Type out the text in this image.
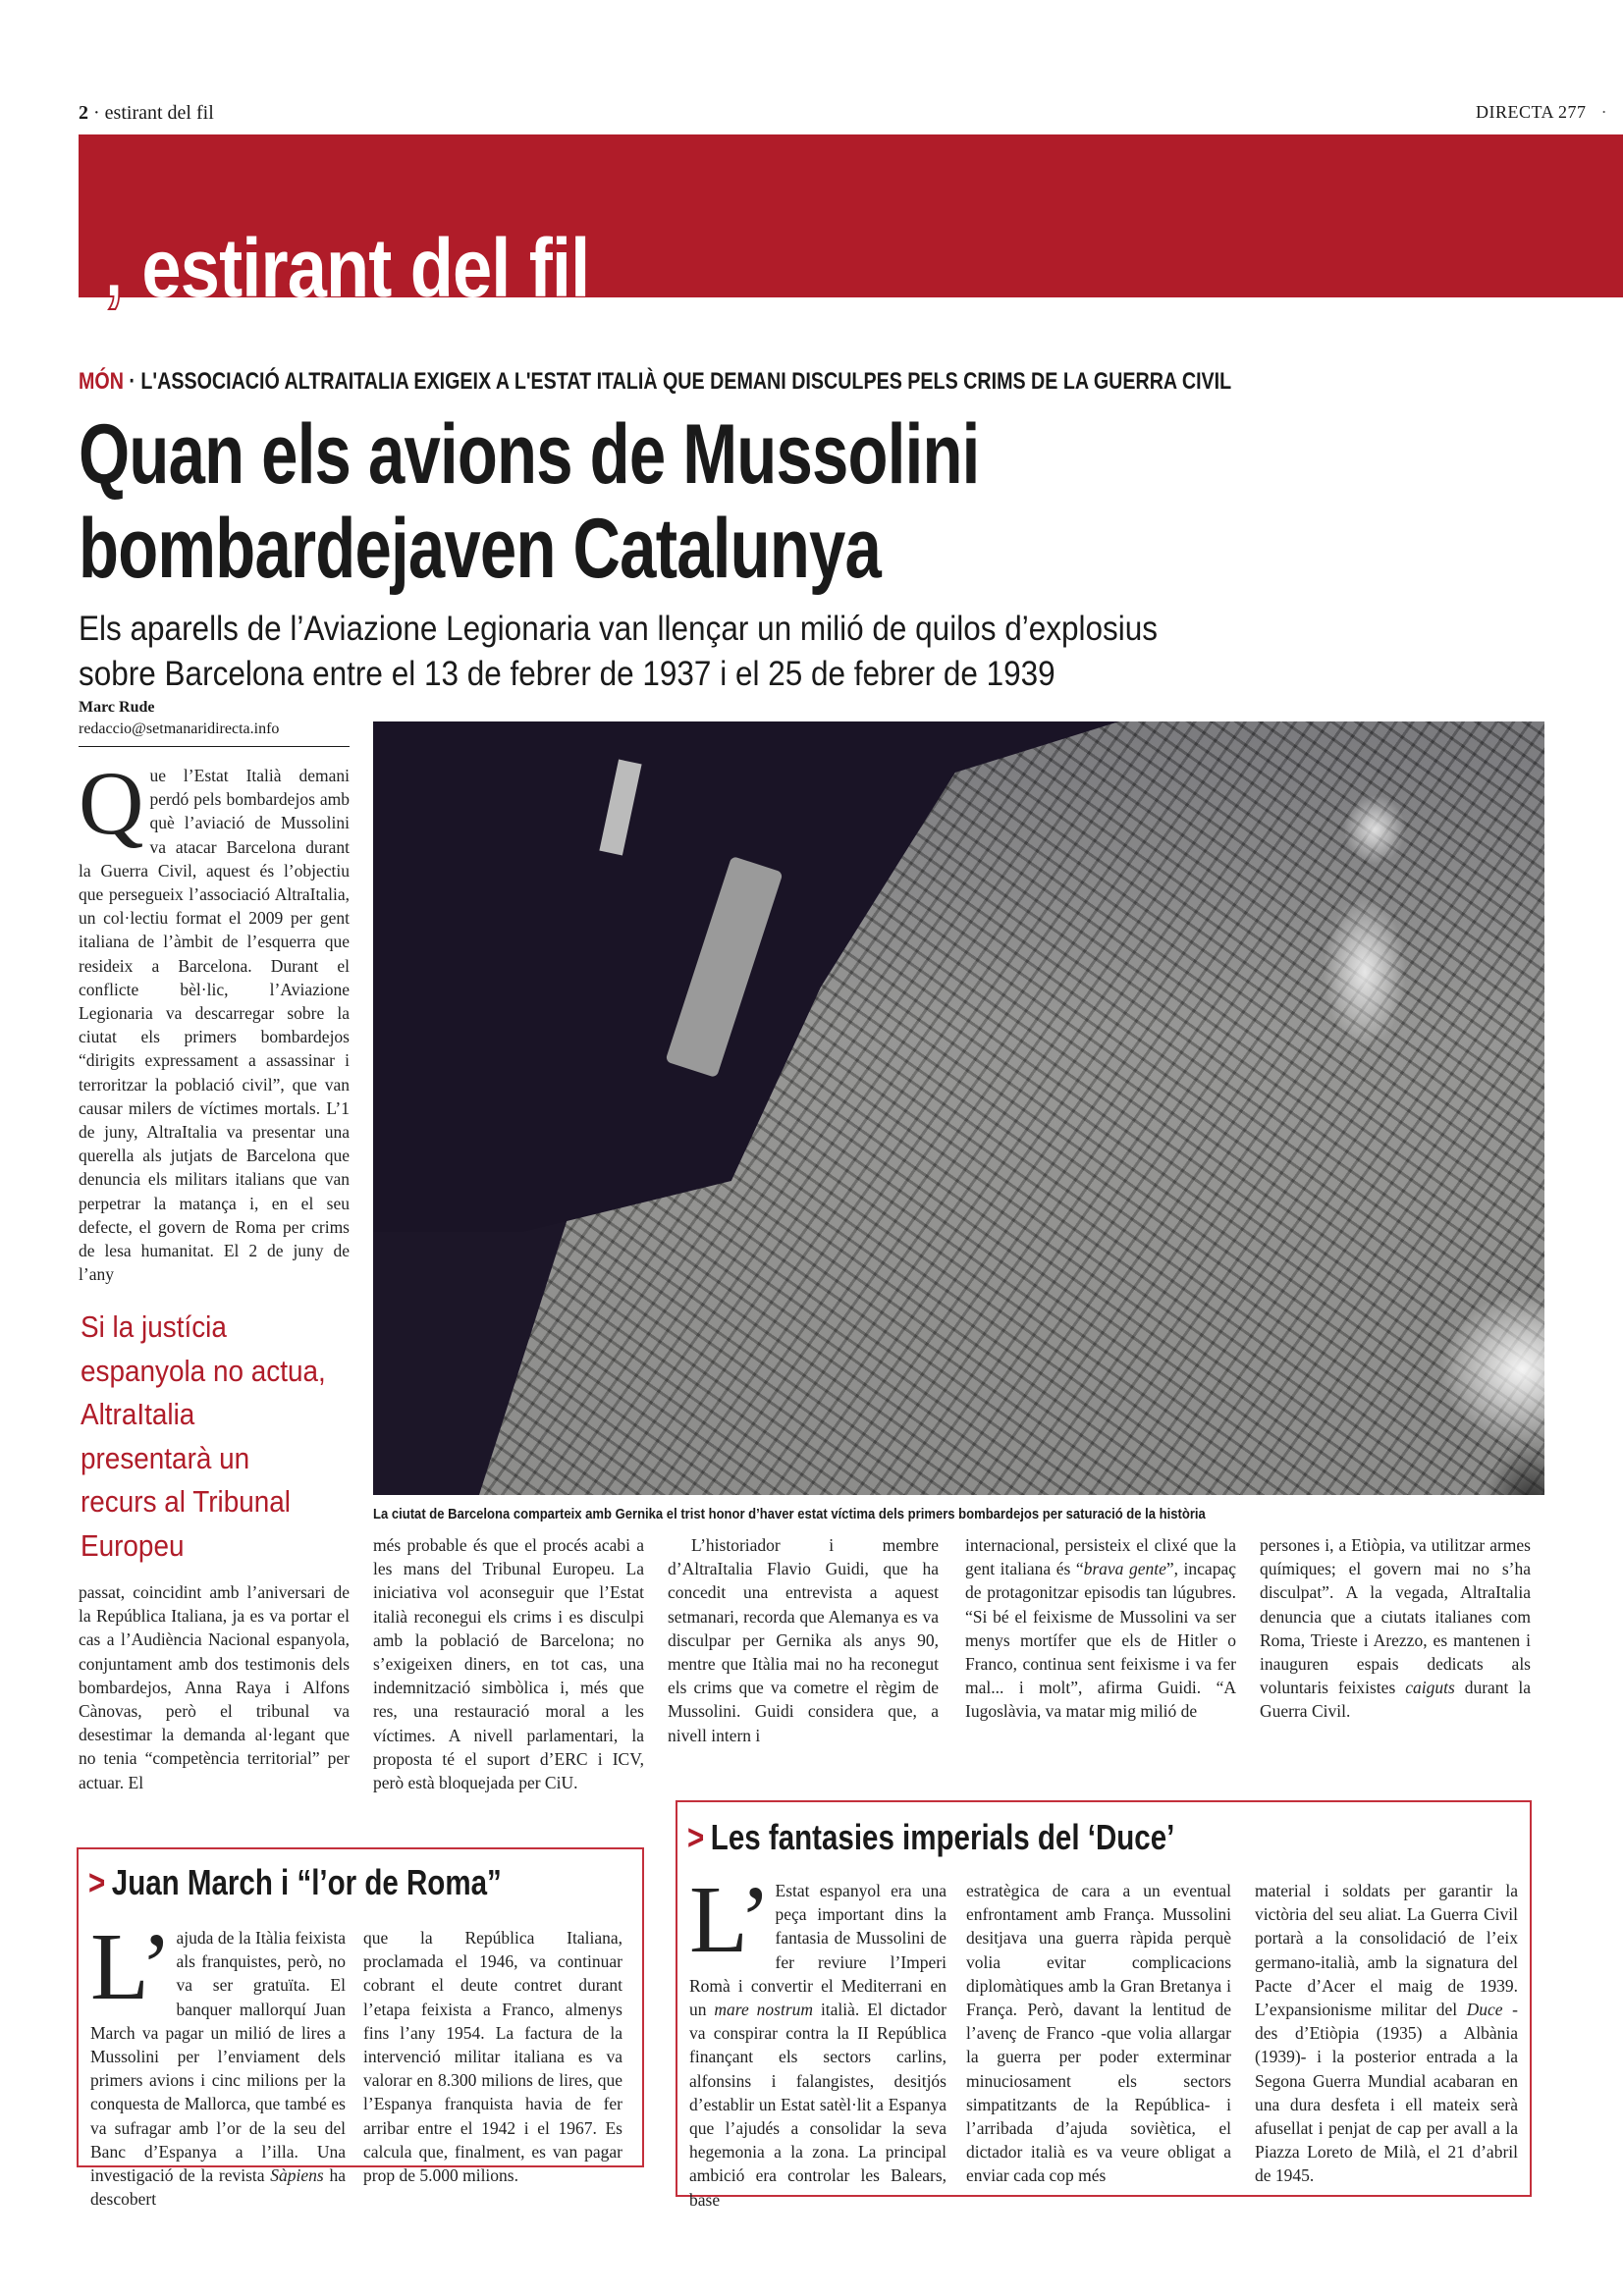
2 · estirant del fil	DIRECTA 277 ·
, estirant del fil
MÓN · L'ASSOCIACIÓ ALTRAITALIA EXIGEIX A L'ESTAT ITALIÀ QUE DEMANI DISCULPES PELS CRIMS DE LA GUERRA CIVIL
Quan els avions de Mussolini
bombardejaven Catalunya
Els aparells de l’Aviazione Legionaria van llençar un milió de quilos d’explosius
sobre Barcelona entre el 13 de febrer de 1937 i el 25 de febrer de 1939
Marc Rude
redaccio@setmanaridirecta.info
Q ue l’Estat Italià demani perdó pels bombardejos amb què l’aviació de Mussolini va atacar Barcelona durant la Guerra Civil, aquest és l’objectiu que persegueix l’associació AltraItalia, un col·lectiu format el 2009 per gent italiana de l’àmbit de l’esquerra que resideix a Barcelona. Durant el conflicte bèl·lic, l’Aviazione Legionaria va descarregar sobre la ciutat els primers bombardejos “dirigits expressament a assassinar i terroritzar la població civil”, que van causar milers de víctimes mortals. L’1 de juny, AltraItalia va presentar una querella als jutjats de Barcelona que denuncia els militars italians que van perpetrar la matança i, en el seu defecte, el govern de Roma per crims de lesa humanitat. El 2 de juny de l’any

Si la justícia espanyola no actua, AltraItalia presentarà un recurs al Tribunal Europeu

passat, coincidint amb l’aniversari de la República Italiana, ja es va portar el cas a l’Audiència Nacional espanyola, conjuntament amb dos testimonis dels bombardejos, Anna Raya i Alfons Cànovas, però el tribunal va desestimar la demanda al·legant que no tenia “competència territorial” per actuar. El

La ciutat de Barcelona comparteix amb Gernika el trist honor d’haver estat víctima dels primers bombardejos per saturació de la història

més probable és que el procés acabi a les mans del Tribunal Europeu. La iniciativa vol aconseguir que l’Estat italià reconegui els crims i es disculpi amb la població de Barcelona; no s’exigeixen diners, en tot cas, una indemnització simbòlica i, més que res, una restauració moral a les víctimes. A nivell parlamentari, la proposta té el suport d’ERC i ICV, però està bloquejada per CiU.

L’historiador i membre d’AltraItalia Flavio Guidi, que ha concedit una entrevista a aquest setmanari, recorda que Alemanya es va disculpar per Gernika als anys 90, mentre que Itàlia mai no ha reconegut els crims que va cometre el règim de Mussolini. Guidi considera que, a nivell intern i

internacional, persisteix el clixé que la gent italiana és “brava gente”, incapaç de protagonitzar episodis tan lúgubres. “Si bé el feixisme de Mussolini va ser menys mortífer que els de Hitler o Franco, continua sent feixisme i va fer mal... i molt”, afirma Guidi. “A Iugoslàvia, va matar mig milió de

persones i, a Etiòpia, va utilitzar armes químiques; el govern mai no s’ha disculpat”. A la vegada, AltraItalia denuncia que a ciutats italianes com Roma, Trieste i Arezzo, es mantenen i inauguren espais dedicats als voluntaris feixistes caiguts durant la Guerra Civil.

> Juan March i “l’or de Roma”
L’ ajuda de la Itàlia feixista als franquistes, però, no va ser gratuïta. El banquer mallorquí Juan March va pagar un milió de lires a Mussolini per l’enviament dels primers avions i cinc milions per la conquesta de Mallorca, que també es va sufragar amb l’or de la seu del Banc d’Espanya a l’illa. Una investigació de la revista Sàpiens ha descobert

que la República Italiana, proclamada el 1946, va continuar cobrant el deute contret durant l’etapa feixista a Franco, almenys fins l’any 1954. La factura de la intervenció militar italiana es va valorar en 8.300 milions de lires, que l’Espanya franquista havia de fer arribar entre el 1942 i el 1967. Es calcula que, finalment, es van pagar prop de 5.000 milions.

> Les fantasies imperials del ‘Duce’
L’ Estat espanyol era una peça important dins la fantasia de Mussolini de fer reviure l’Imperi Romà i convertir el Mediterrani en un mare nostrum italià. El dictador va conspirar contra la II República finançant els sectors carlins, alfonsins i falangistes, desitjós d’establir un Estat satèl·lit a Espanya que l’ajudés a consolidar la seva hegemonia a la zona. La principal ambició era controlar les Balears, base

estratègica de cara a un eventual enfrontament amb França. Mussolini desitjava una guerra ràpida perquè volia evitar complicacions diplomàtiques amb la Gran Bretanya i França. Però, davant la lentitud de l’avenç de Franco -que volia allargar la guerra per poder exterminar minuciosament els sectors simpatitzants de la República- i l’arribada d’ajuda soviètica, el dictador italià es va veure obligat a enviar cada cop més

material i soldats per garantir la victòria del seu aliat. La Guerra Civil portarà a la consolidació de l’eix germano-italià, amb la signatura del Pacte d’Acer el maig de 1939. L’expansionisme militar del Duce -des d’Etiòpia (1935) a Albània (1939)- i la posterior entrada a la Segona Guerra Mundial acabaran en una dura desfeta i ell mateix serà afusellat i penjat de cap per avall a la Piazza Loreto de Milà, el 21 d’abril de 1945.
